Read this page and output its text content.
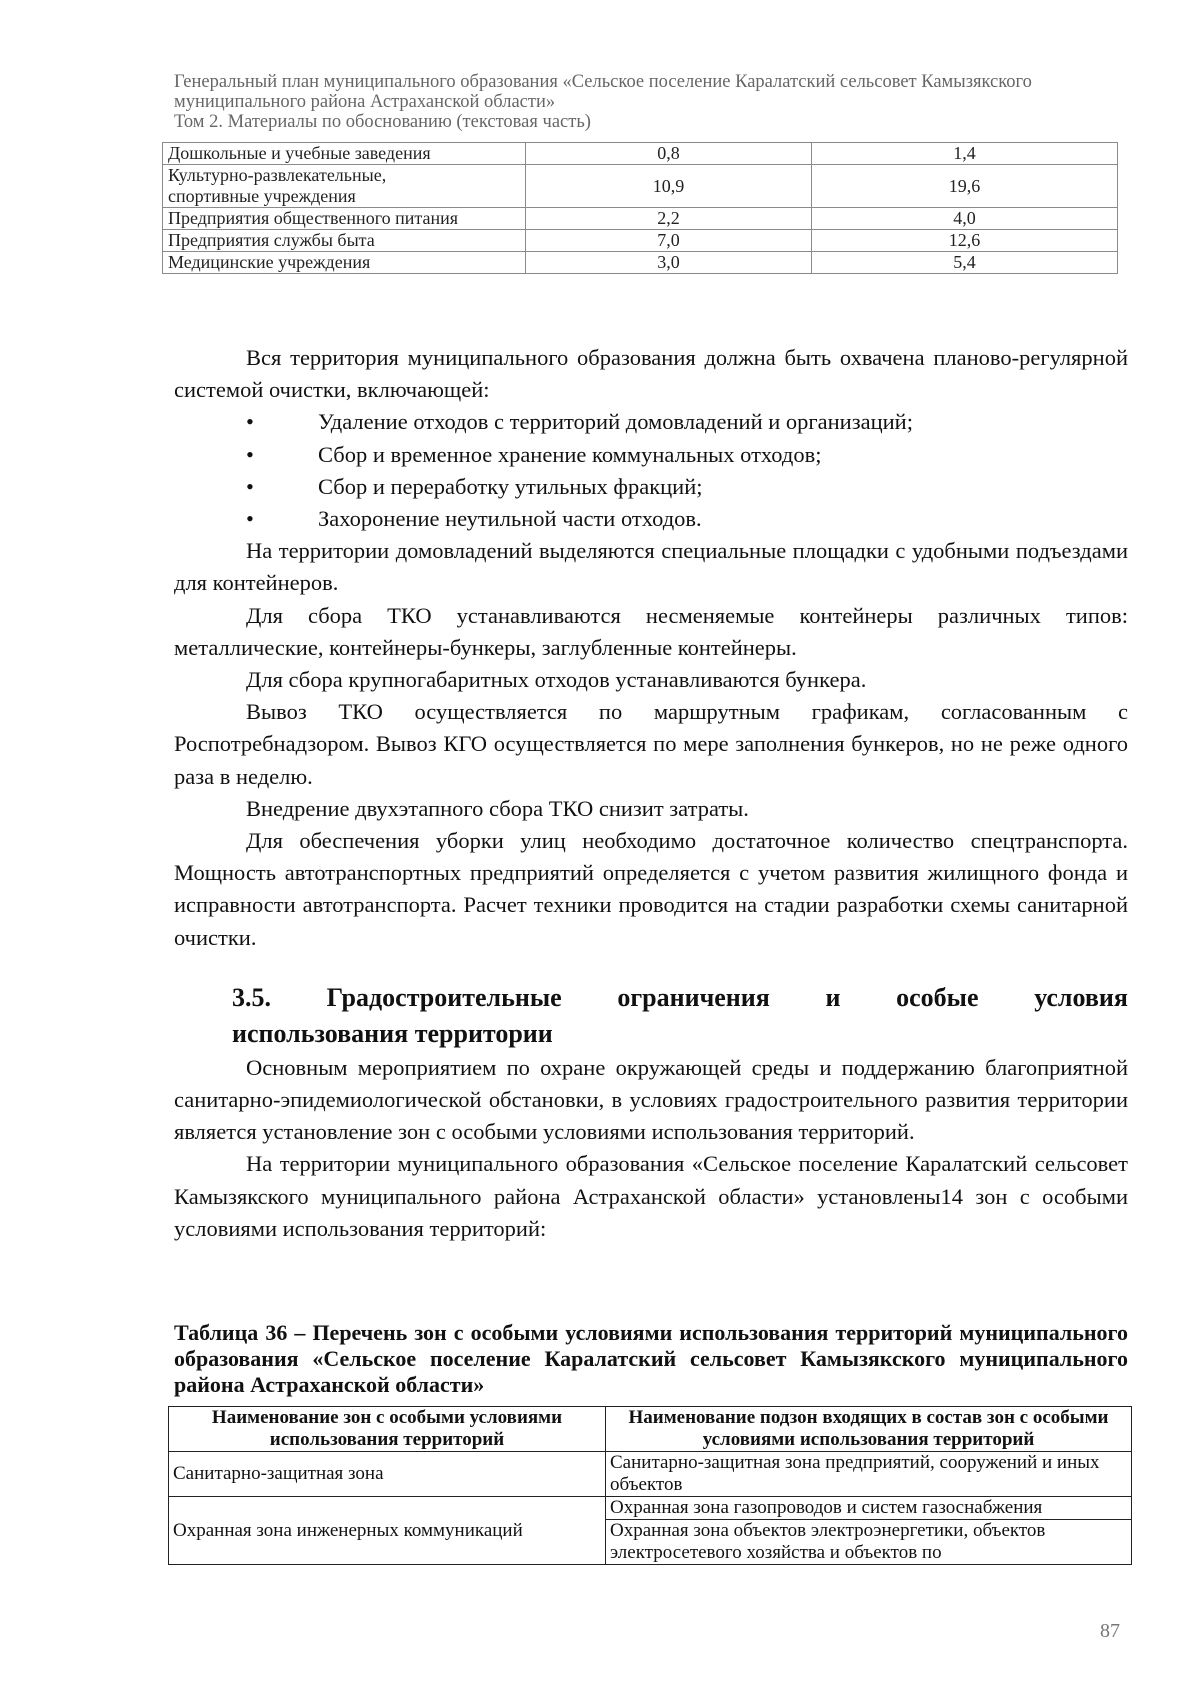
Генеральный план муниципального образования «Сельское поселение Каралатский сельсовет Камызякского
муниципального района Астраханской области»
Том 2. Материалы по обоснованию (текстовая часть)
Дошкольные и учебные заведения	0,8	1,4

Культурно-развлекательные,
спортивные учреждения	10,9	19,6
Предприятия общественного питания	2,2	4,0
Предприятия службы быта	7,0	12,6
Медицинские учреждения	3,0	5,4

Вся территория муниципального образования должна быть охвачена планово-регулярной системой очистки, включающей:

•	Удаление отходов с территорий домовладений и организаций;
•	Сбор и временное хранение коммунальных отходов;
•	Сбор и переработку утильных фракций;
•	Захоронение неутильной части отходов.

На территории домовладений выделяются специальные площадки с удобными подъездами для контейнеров.

Для сбора ТКО устанавливаются несменяемые контейнеры различных типов: металлические, контейнеры-бункеры, заглубленные контейнеры.

Для сбора крупногабаритных отходов устанавливаются бункера.

Вывоз ТКО осуществляется по маршрутным графикам, согласованным с Роспотребнадзором. Вывоз КГО осуществляется по мере заполнения бункеров, но не реже одного раза в неделю.

Внедрение двухэтапного сбора ТКО снизит затраты.

Для обеспечения уборки улиц необходимо достаточное количество спецтранспорта. Мощность автотранспортных предприятий определяется с учетом развития жилищного фонда и исправности автотранспорта. Расчет техники проводится на стадии разработки схемы санитарной очистки.

3.5. Градостроительные ограничения и особые условия
использования территории

Основным мероприятием по охране окружающей среды и поддержанию благоприятной санитарно-эпидемиологической обстановки, в условиях градостроительного развития территории является установление зон с особыми условиями использования территорий.

На территории муниципального образования «Сельское поселение Каралатский сельсовет Камызякского муниципального района Астраханской области» установлены14 зон с особыми условиями использования территорий:

Таблица 36 – Перечень зон с особыми условиями использования территорий муниципального образования «Сельское поселение Каралатский сельсовет Камызякского муниципального района Астраханской области»
Наименование зон с особыми условиями использования территорий	Наименование подзон входящих в состав зон с особыми условиями использования территорий
Санитарно-защитная зона	Санитарно-защитная зона предприятий, сооружений и иных объектов
Охранная зона инженерных коммуникаций	Охранная зона газопроводов и систем газоснабжения
	Охранная зона объектов электроэнергетики, объектов электросетевого хозяйства и объектов по
87
